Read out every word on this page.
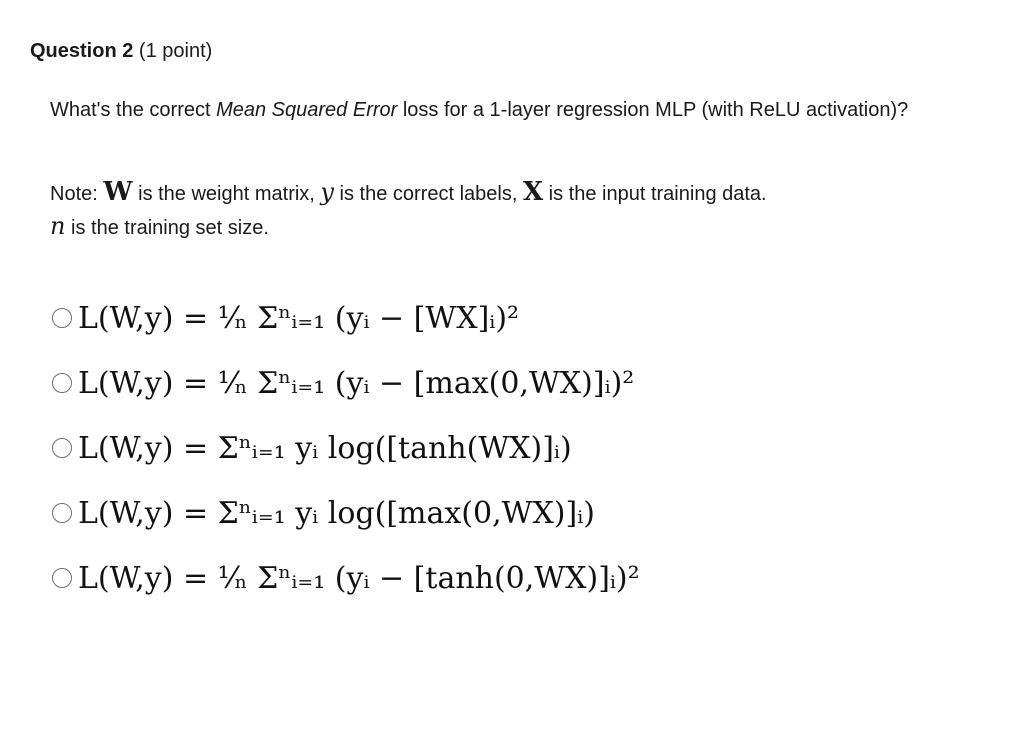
Question 2 (1 point)
What's the correct Mean Squared Error loss for a 1-layer regression MLP (with ReLU activation)?
Note: W is the weight matrix, y is the correct labels, X is the input training data.
n is the training set size.
L(W,y) = ¹⁄ₙ Σⁿᵢ₌₁ (yᵢ − [WX]ᵢ)²
L(W,y) = ¹⁄ₙ Σⁿᵢ₌₁ (yᵢ − [max(0,WX)]ᵢ)²
L(W,y) = Σⁿᵢ₌₁ yᵢ log([tanh(WX)]ᵢ)
L(W,y) = Σⁿᵢ₌₁ yᵢ log([max(0,WX)]ᵢ)
L(W,y) = ¹⁄ₙ Σⁿᵢ₌₁ (yᵢ − [tanh(0,WX)]ᵢ)²
